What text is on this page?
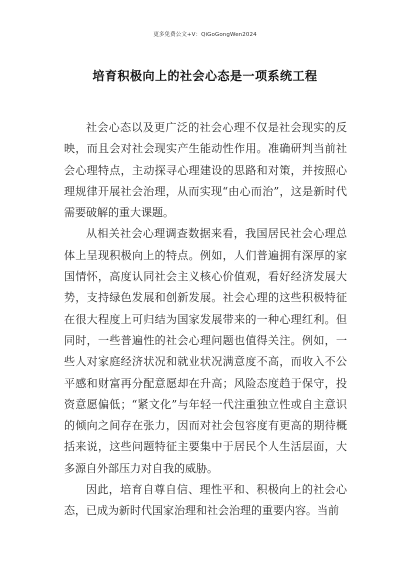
更多免费公文+V：QiGoGongWen2024
培育积极向上的社会心态是一项系统工程

社会心态以及更广泛的社会心理不仅是社会现实的反映，而且会对社会现实产生能动性作用。准确研判当前社会心理特点，主动探寻心理建设的思路和对策，并按照心理规律开展社会治理，从而实现“由心而治”，这是新时代需要破解的重大课题。

从相关社会心理调查数据来看，我国居民社会心理总体上呈现积极向上的特点。例如，人们普遍拥有深厚的家国情怀，高度认同社会主义核心价值观，看好经济发展大势，支持绿色发展和创新发展。社会心理的这些积极特征在很大程度上可归结为国家发展带来的一种心理红利。但同时，一些普遍性的社会心理问题也值得关注。例如，一些人对家庭经济状况和就业状况满意度不高，而收入不公平感和财富再分配意愿却在升高；风险态度趋于保守，投资意愿偏低；“紧文化”与年轻一代注重独立性或自主意识的倾向之间存在张力，因而对社会包容度有更高的期待概括来说，这些问题特征主要集中于居民个人生活层面，大多源自外部压力对自我的威胁。

因此，培育自尊自信、理性平和、积极向上的社会心态，已成为新时代国家治理和社会治理的重要内容。当前
